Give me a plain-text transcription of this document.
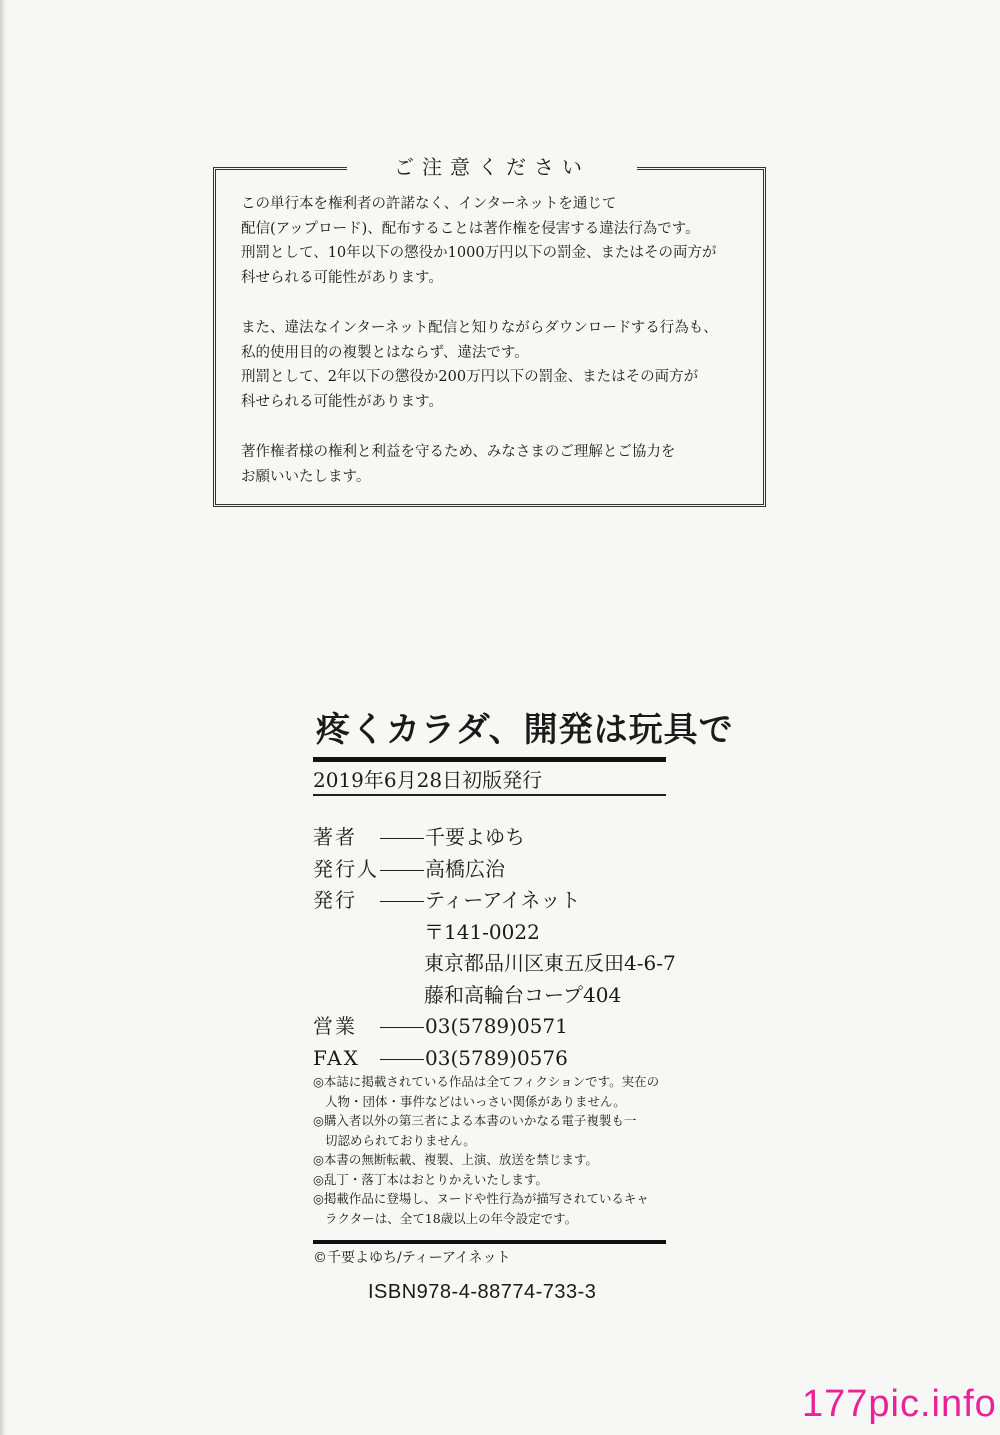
ご注意ください
この単行本を権利者の許諾なく、インターネットを通じて
配信(アップロード)、配布することは著作権を侵害する違法行為です。
刑罰として、10年以下の懲役か1000万円以下の罰金、またはその両方が
科せられる可能性があります。
また、違法なインターネット配信と知りながらダウンロードする行為も、
私的使用目的の複製とはならず、違法です。
刑罰として、2年以下の懲役か200万円以下の罰金、またはその両方が
科せられる可能性があります。
著作権者様の権利と利益を守るため、みなさまのご理解とご協力を
お願いいたします。
疼くカラダ、開発は玩具で
2019年6月28日初版発行
著者	千要よゆち
発行人 高橋広治
発行	ティーアイネット
〒141-0022
東京都品川区東五反田4-6-7
藤和高輪台コープ404
営業	03(5789)0571
FAX	03(5789)0576
◎本誌に掲載されている作品は全てフィクションです。実在の
人物・団体・事件などはいっさい関係がありません。
◎購入者以外の第三者による本書のいかなる電子複製も一
切認められておりません。
◎本書の無断転載、複製、上演、放送を禁じます。
◎乱丁・落丁本はおとりかえいたします。
◎掲載作品に登場し、ヌードや性行為が描写されているキャ
ラクターは、全て18歳以上の年令設定です。
©千要よゆち/ティーアイネット
ISBN978-4-88774-733-3
177pic.info
